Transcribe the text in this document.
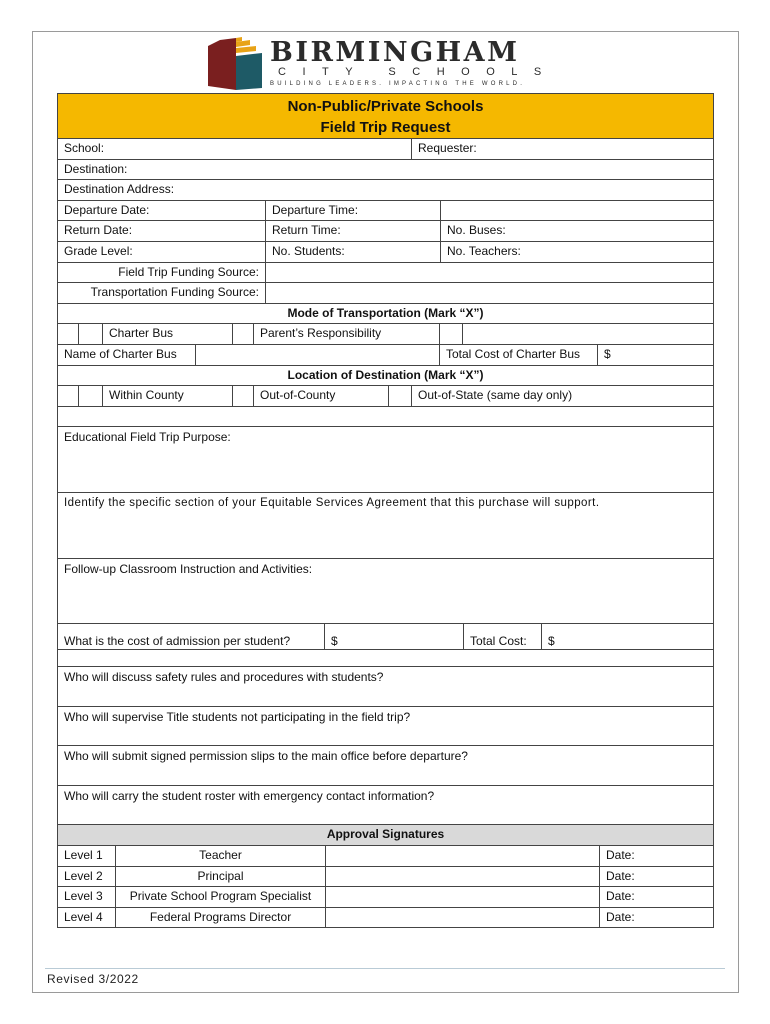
BIRMINGHAM
CITY SCHOOLS
BUILDING LEADERS. IMPACTING THE WORLD.
Non-Public/Private Schools
Field Trip Request
School:	Requester:
Destination:
Destination Address:
Departure Date:	Departure Time:
Return Date:	Return Time:	No. Buses:
Grade Level:	No. Students:	No. Teachers:
Field Trip Funding Source:
Transportation Funding Source:
Mode of Transportation (Mark “X”)
Charter Bus	Parent’s Responsibility
Name of Charter Bus	Total Cost of Charter Bus	$
Location of Destination (Mark “X”)
Within County	Out-of-County	Out-of-State (same day only)
Educational Field Trip Purpose:
Identify the specific section of your Equitable Services Agreement that this purchase will support.
Follow-up Classroom Instruction and Activities:
What is the cost of admission per student?	$	Total Cost:	$
Who will discuss safety rules and procedures with students?
Who will supervise Title students not participating in the field trip?
Who will submit signed permission slips to the main office before departure?
Who will carry the student roster with emergency contact information?
Approval Signatures
Level 1	Teacher	Date:
Level 2	Principal	Date:
Level 3	Private School Program Specialist	Date:
Level 4	Federal Programs Director	Date:
Revised 3/2022
